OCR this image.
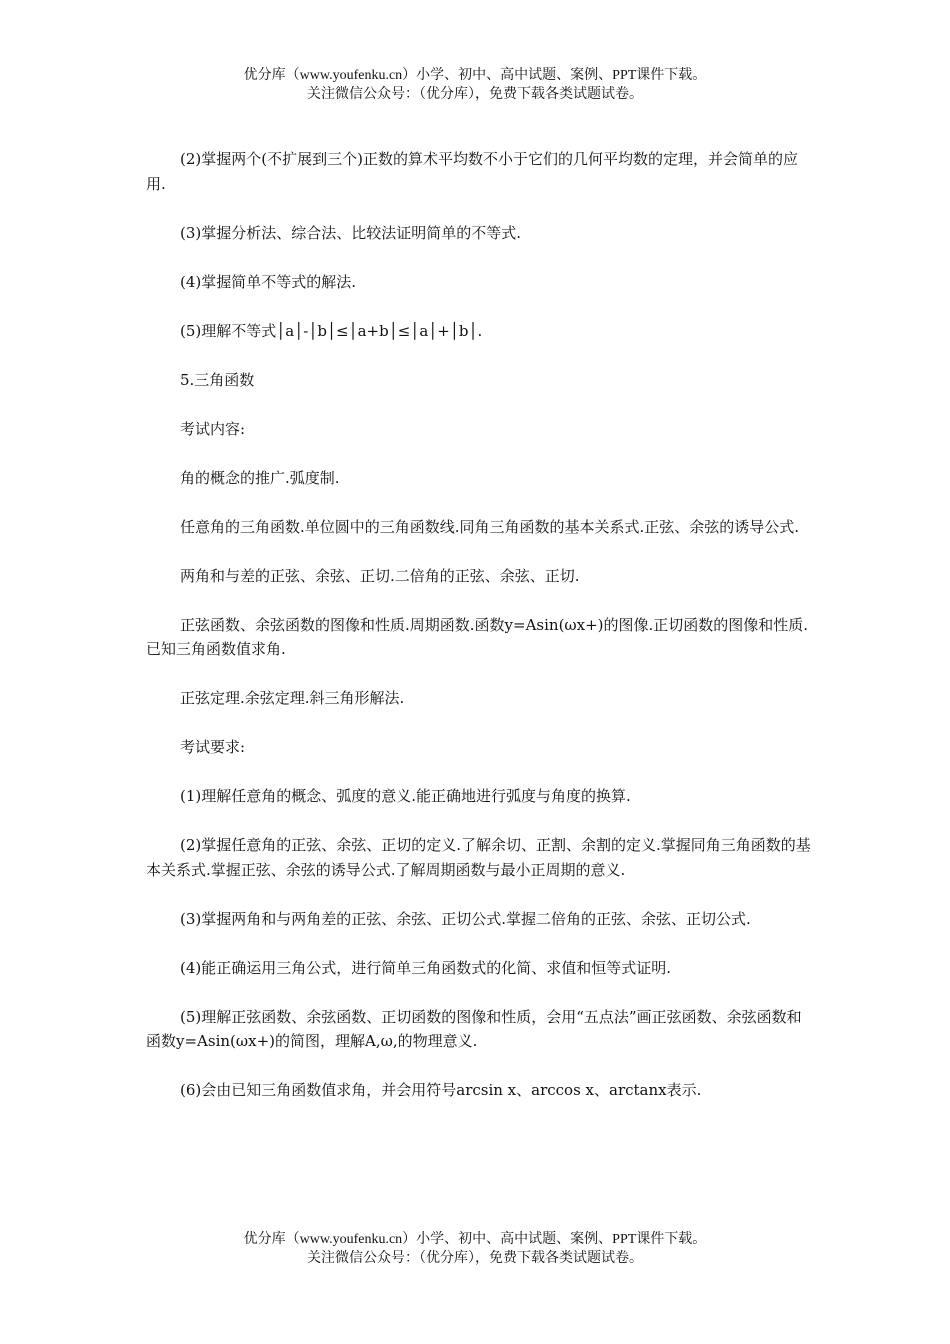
优分库（www.youfenku.cn）小学、初中、高中试题、案例、PPT课件下载。
关注微信公众号：（优分库），免费下载各类试题试卷。

(2)掌握两个(不扩展到三个)正数的算术平均数不小于它们的几何平均数的定理，并会简单的应用.

(3)掌握分析法、综合法、比较法证明简单的不等式.

(4)掌握简单不等式的解法.

(5)理解不等式│a│-│b│≤│a+b│≤│a│+│b│.

5.三角函数

考试内容:

角的概念的推广.弧度制.

任意角的三角函数.单位圆中的三角函数线.同角三角函数的基本关系式.正弦、余弦的诱导公式.

两角和与差的正弦、余弦、正切.二倍角的正弦、余弦、正切.

正弦函数、余弦函数的图像和性质.周期函数.函数y=Asin(ωx+)的图像.正切函数的图像和性质.已知三角函数值求角.

正弦定理.余弦定理.斜三角形解法.

考试要求:

(1)理解任意角的概念、弧度的意义.能正确地进行弧度与角度的换算.

(2)掌握任意角的正弦、余弦、正切的定义.了解余切、正割、余割的定义.掌握同角三角函数的基本关系式.掌握正弦、余弦的诱导公式.了解周期函数与最小正周期的意义.

(3)掌握两角和与两角差的正弦、余弦、正切公式.掌握二倍角的正弦、余弦、正切公式.

(4)能正确运用三角公式，进行简单三角函数式的化简、求值和恒等式证明.

(5)理解正弦函数、余弦函数、正切函数的图像和性质，会用“五点法”画正弦函数、余弦函数和函数y=Asin(ωx+)的简图，理解A,ω,的物理意义.

(6)会由已知三角函数值求角，并会用符号arcsin x、arccos x、arctanx表示.

优分库（www.youfenku.cn）小学、初中、高中试题、案例、PPT课件下载。
关注微信公众号：（优分库），免费下载各类试题试卷。
